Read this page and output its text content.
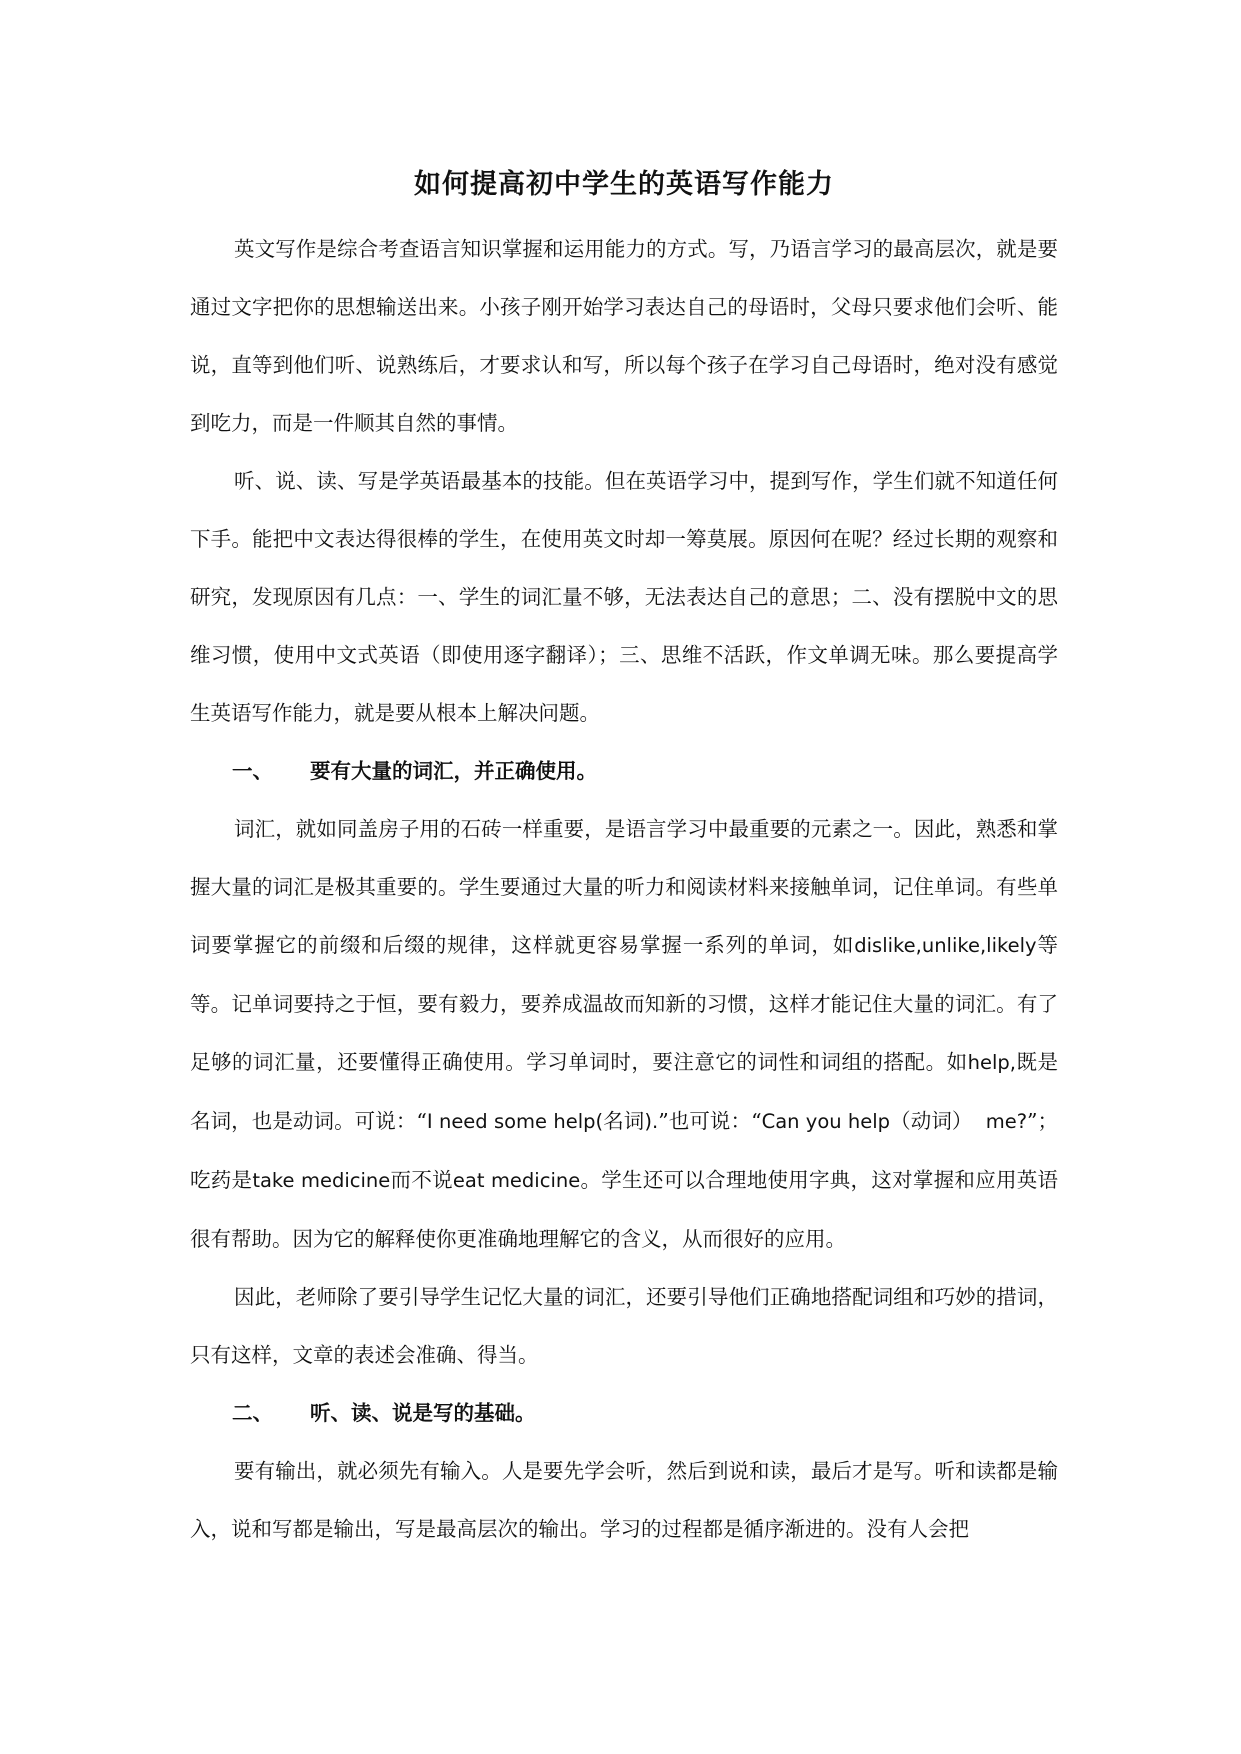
如何提高初中学生的英语写作能力

英文写作是综合考查语言知识掌握和运用能力的方式。写，乃语言学习的最高层次，就是要通过文字把你的思想输送出来。小孩子刚开始学习表达自己的母语时，父母只要求他们会听、能说，直等到他们听、说熟练后，才要求认和写，所以每个孩子在学习自己母语时，绝对没有感觉到吃力，而是一件顺其自然的事情。

听、说、读、写是学英语最基本的技能。但在英语学习中，提到写作，学生们就不知道任何下手。能把中文表达得很棒的学生，在使用英文时却一筹莫展。原因何在呢？经过长期的观察和研究，发现原因有几点：一、学生的词汇量不够，无法表达自己的意思；二、没有摆脱中文的思维习惯，使用中文式英语（即使用逐字翻译）；三、思维不活跃，作文单调无味。那么要提高学生英语写作能力，就是要从根本上解决问题。

一、 要有大量的词汇，并正确使用。

词汇，就如同盖房子用的石砖一样重要，是语言学习中最重要的元素之一。因此，熟悉和掌握大量的词汇是极其重要的。学生要通过大量的听力和阅读材料来接触单词，记住单词。有些单词要掌握它的前缀和后缀的规律，这样就更容易掌握一系列的单词，如dislike,unlike,likely等等。记单词要持之于恒，要有毅力，要养成温故而知新的习惯，这样才能记住大量的词汇。有了足够的词汇量，还要懂得正确使用。学习单词时，要注意它的词性和词组的搭配。如help,既是名词，也是动词。可说：“I need some help(名词).”也可说：“Can you help（动词） me?”；吃药是take medicine而不说eat medicine。学生还可以合理地使用字典，这对掌握和应用英语很有帮助。因为它的解释使你更准确地理解它的含义，从而很好的应用。

因此，老师除了要引导学生记忆大量的词汇，还要引导他们正确地搭配词组和巧妙的措词，只有这样，文章的表述会准确、得当。

二、 听、读、说是写的基础。

要有输出，就必须先有输入。人是要先学会听，然后到说和读，最后才是写。听和读都是输入，说和写都是输出，写是最高层次的输出。学习的过程都是循序渐进的。没有人会把
